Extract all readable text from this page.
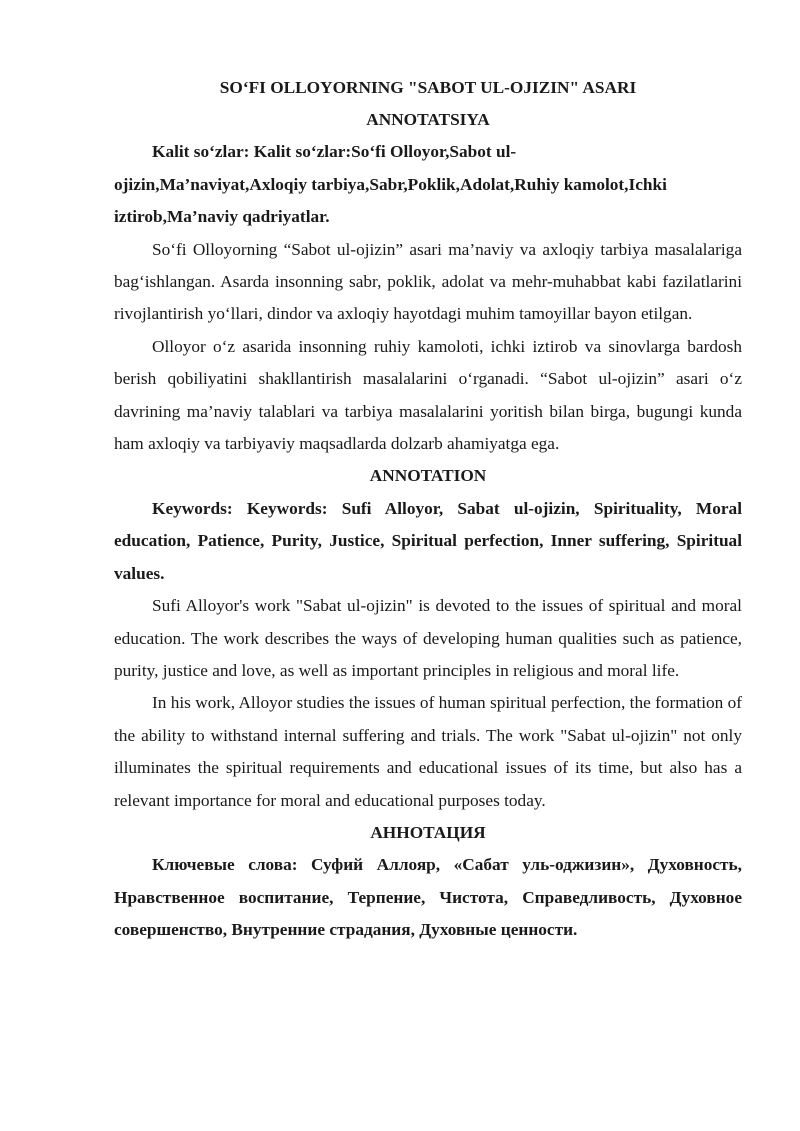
SO‘FI OLLOYORNING "SABOT UL-OJIZIN" ASARI

ANNOTATSIYA

Kalit so‘zlar: Kalit so‘zlar:So‘fi Olloyor,Sabot ul-
ojizin,Ma’naviyat,Axloqiy tarbiya,Sabr,Poklik,Adolat,Ruhiy kamolot,Ichki
iztirob,Ma’naviy qadriyatlar.

So‘fi Olloyorning “Sabot ul-ojizin” asari ma’naviy va axloqiy tarbiya masalalariga bag‘ishlangan. Asarda insonning sabr, poklik, adolat va mehr-muhabbat kabi fazilatlarini rivojlantirish yo‘llari, dindor va axloqiy hayotdagi muhim tamoyillar bayon etilgan.

Olloyor o‘z asarida insonning ruhiy kamoloti, ichki iztirob va sinovlarga bardosh berish qobiliyatini shakllantirish masalalarini o‘rganadi. “Sabot ul-ojizin” asari o‘z davrining ma’naviy talablari va tarbiya masalalarini yoritish bilan birga, bugungi kunda ham axloqiy va tarbiyaviy maqsadlarda dolzarb ahamiyatga ega.

ANNOTATION

Keywords: Keywords: Sufi Alloyor, Sabat ul-ojizin, Spirituality, Moral education, Patience, Purity, Justice, Spiritual perfection, Inner suffering, Spiritual values.

Sufi Alloyor's work "Sabat ul-ojizin" is devoted to the issues of spiritual and moral education. The work describes the ways of developing human qualities such as patience, purity, justice and love, as well as important principles in religious and moral life.

In his work, Alloyor studies the issues of human spiritual perfection, the formation of the ability to withstand internal suffering and trials. The work "Sabat ul-ojizin" not only illuminates the spiritual requirements and educational issues of its time, but also has a relevant importance for moral and educational purposes today.

АННОТАЦИЯ

Ключевые слова: Суфий Аллояр, «Сабат уль-оджизин», Духовность, Нравственное воспитание, Терпение, Чистота, Справедливость, Духовное совершенство, Внутренние страдания, Духовные ценности.
